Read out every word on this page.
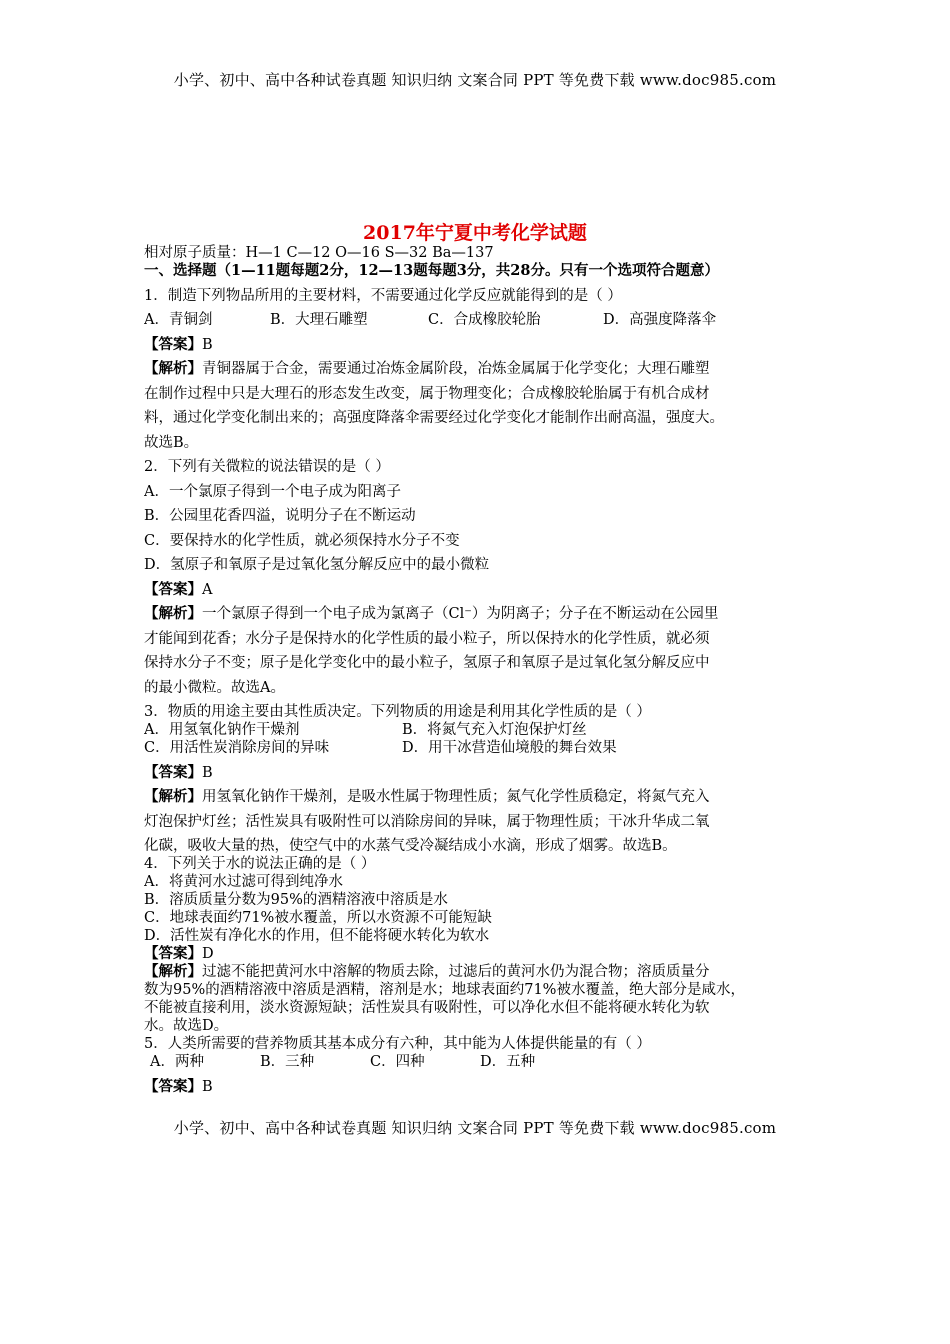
小学、初中、高中各种试卷真题 知识归纳 文案合同 PPT 等免费下载 www.doc985.com
2017年宁夏中考化学试题

相对原子质量：H—1 C—12 O—16 S—32 Ba—137

一、选择题（1—11题每题2分，12—13题每题3分，共28分。只有一个选项符合题意）

1．制造下列物品所用的主要材料，不需要通过化学反应就能得到的是（ ）

A．青铜剑	B．大理石雕塑	C．合成橡胶轮胎	D．高强度降落伞

【答案】B

【解析】青铜器属于合金，需要通过冶炼金属阶段，冶炼金属属于化学变化；大理石雕塑

在制作过程中只是大理石的形态发生改变，属于物理变化；合成橡胶轮胎属于有机合成材

料，通过化学变化制出来的；高强度降落伞需要经过化学变化才能制作出耐高温，强度大。

故选B。

2．下列有关微粒的说法错误的是（ ）

A．一个氯原子得到一个电子成为阳离子

B．公园里花香四溢，说明分子在不断运动

C．要保持水的化学性质，就必须保持水分子不变

D．氢原子和氧原子是过氧化氢分解反应中的最小微粒

【答案】A

【解析】一个氯原子得到一个电子成为氯离子（Cl⁻）为阴离子；分子在不断运动在公园里

才能闻到花香；水分子是保持水的化学性质的最小粒子，所以保持水的化学性质，就必须

保持水分子不变；原子是化学变化中的最小粒子，氢原子和氧原子是过氧化氢分解反应中

的最小微粒。故选A。

3．物质的用途主要由其性质决定。下列物质的用途是利用其化学性质的是（ ）

A．用氢氧化钠作干燥剂	B．将氮气充入灯泡保护灯丝
C．用活性炭消除房间的异味	D．用干冰营造仙境般的舞台效果

【答案】B

【解析】用氢氧化钠作干燥剂，是吸水性属于物理性质；氮气化学性质稳定，将氮气充入

灯泡保护灯丝；活性炭具有吸附性可以消除房间的异味，属于物理性质；干冰升华成二氧

化碳，吸收大量的热，使空气中的水蒸气受冷凝结成小水滴，形成了烟雾。故选B。

4．下列关于水的说法正确的是（ ）

A．将黄河水过滤可得到纯净水

B．溶质质量分数为95%的酒精溶液中溶质是水

C．地球表面约71%被水覆盖，所以水资源不可能短缺

D．活性炭有净化水的作用，但不能将硬水转化为软水

【答案】D

【解析】过滤不能把黄河水中溶解的物质去除，过滤后的黄河水仍为混合物；溶质质量分

数为95%的酒精溶液中溶质是酒精，溶剂是水；地球表面约71%被水覆盖，绝大部分是咸水，

不能被直接利用，淡水资源短缺；活性炭具有吸附性，可以净化水但不能将硬水转化为软

水。故选D。

5．人类所需要的营养物质其基本成分有六种，其中能为人体提供能量的有（ ）

A．两种	B．三种	C．四种	D．五种

【答案】B

小学、初中、高中各种试卷真题 知识归纳 文案合同 PPT 等免费下载 www.doc985.com
